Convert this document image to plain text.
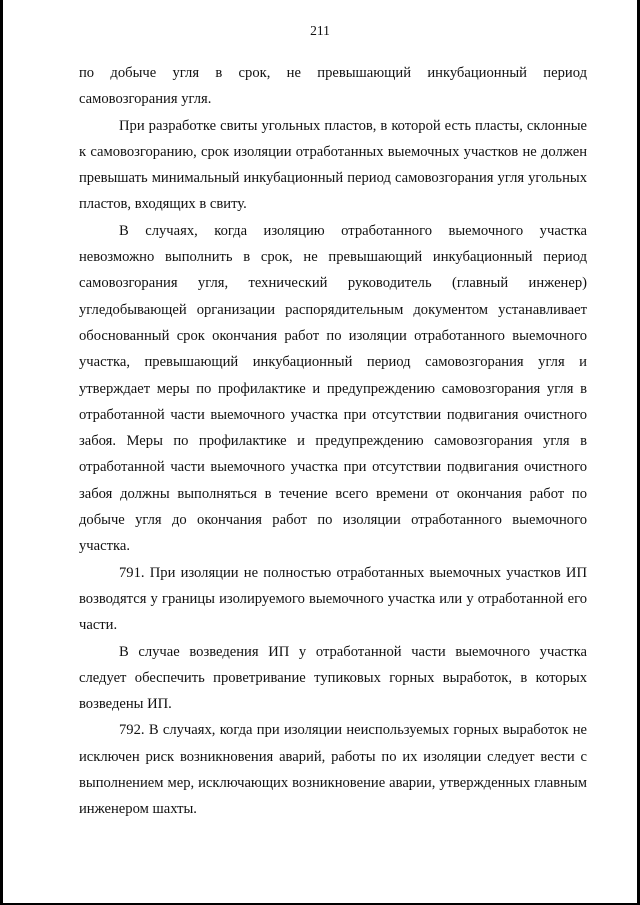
211

по добыче угля в срок, не превышающий инкубационный период самовозгорания угля.

При разработке свиты угольных пластов, в которой есть пласты, склонные к самовозгоранию, срок изоляции отработанных выемочных участков не должен превышать минимальный инкубационный период самовозгорания угля угольных пластов, входящих в свиту.

В случаях, когда изоляцию отработанного выемочного участка невозможно выполнить в срок, не превышающий инкубационный период самовозгорания угля, технический руководитель (главный инженер) угледобывающей организации распорядительным документом устанавливает обоснованный срок окончания работ по изоляции отработанного выемочного участка, превышающий инкубационный период самовозгорания угля и утверждает меры по профилактике и предупреждению самовозгорания угля в отработанной части выемочного участка при отсутствии подвигания очистного забоя. Меры по профилактике и предупреждению самовозгорания угля в отработанной части выемочного участка при отсутствии подвигания очистного забоя должны выполняться в течение всего времени от окончания работ по добыче угля до окончания работ по изоляции отработанного выемочного участка.

791. При изоляции не полностью отработанных выемочных участков ИП возводятся у границы изолируемого выемочного участка или у отработанной его части.

В случае возведения ИП у отработанной части выемочного участка следует обеспечить проветривание тупиковых горных выработок, в которых возведены ИП.

792. В случаях, когда при изоляции неиспользуемых горных выработок не исключен риск возникновения аварий, работы по их изоляции следует вести с выполнением мер, исключающих возникновение аварии, утвержденных главным инженером шахты.
